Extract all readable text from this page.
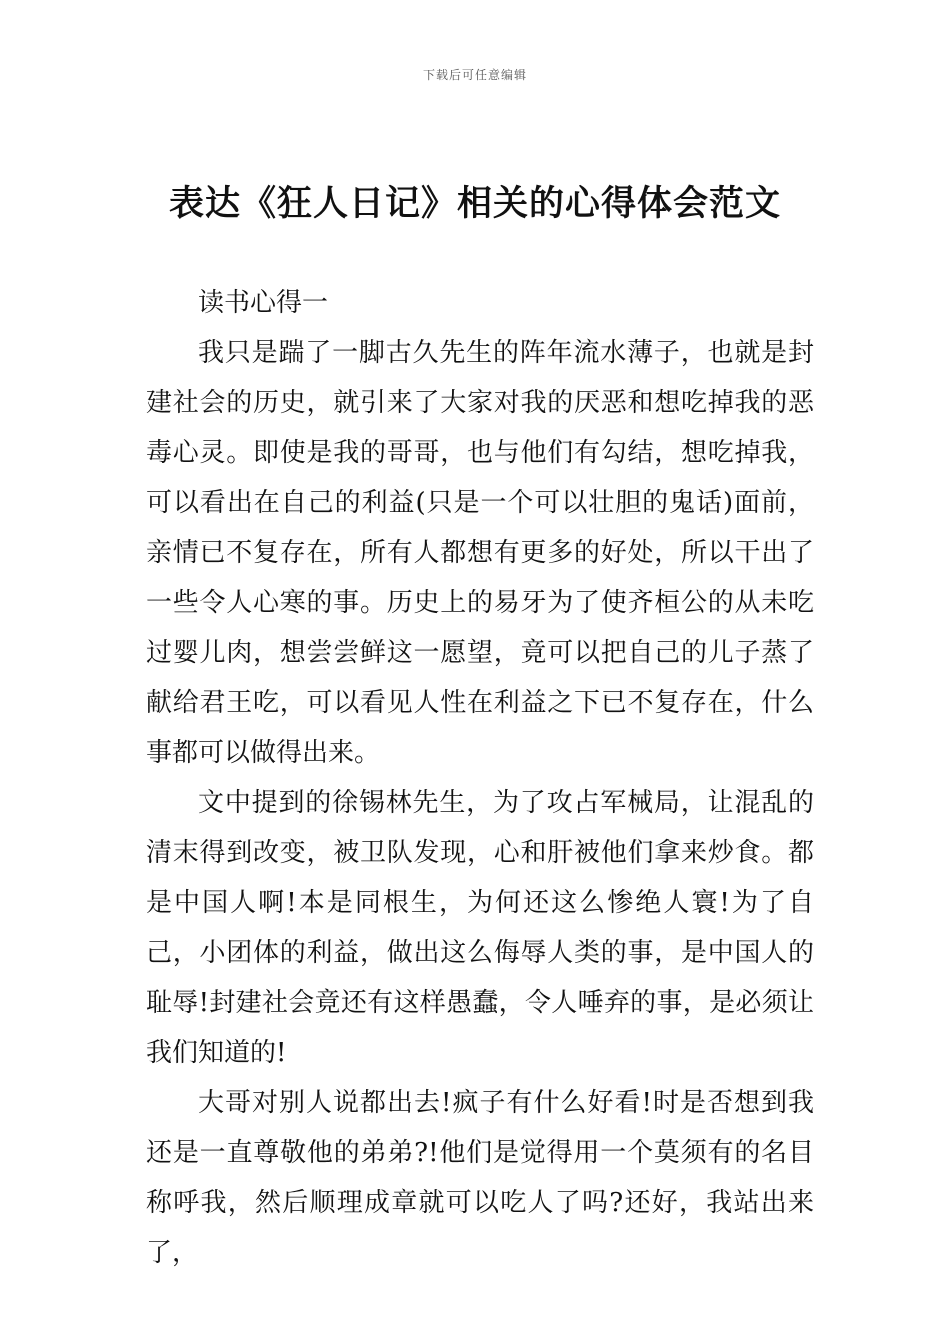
下载后可任意编辑
表达《狂人日记》相关的心得体会范文

读书心得一

我只是踹了一脚古久先生的阵年流水薄子，也就是封建社会的历史，就引来了大家对我的厌恶和想吃掉我的恶毒心灵。即使是我的哥哥，也与他们有勾结，想吃掉我，可以看出在自己的利益(只是一个可以壮胆的鬼话)面前，亲情已不复存在，所有人都想有更多的好处，所以干出了一些令人心寒的事。历史上的易牙为了使齐桓公的从未吃过婴儿肉，想尝尝鲜这一愿望，竟可以把自己的儿子蒸了献给君王吃，可以看见人性在利益之下已不复存在，什么事都可以做得出来。

文中提到的徐锡林先生，为了攻占军械局，让混乱的清末得到改变，被卫队发现，心和肝被他们拿来炒食。都是中国人啊!本是同根生，为何还这么惨绝人寰!为了自己，小团体的利益，做出这么侮辱人类的事，是中国人的耻辱!封建社会竟还有这样愚蠢，令人唾弃的事，是必须让我们知道的!

大哥对别人说都出去!疯子有什么好看!时是否想到我还是一直尊敬他的弟弟?!他们是觉得用一个莫须有的名目称呼我，然后顺理成章就可以吃人了吗?还好，我站出来了，
